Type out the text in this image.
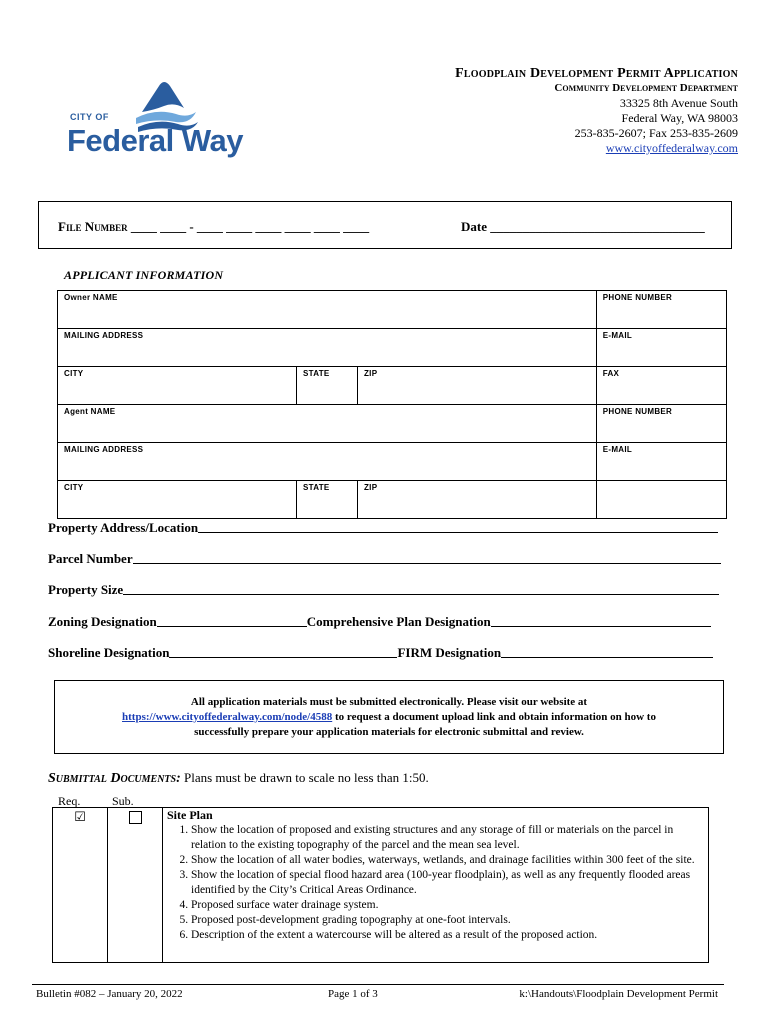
CITY OF
Federal Way
Floodplain Development Permit Application
Community Development Department
33325 8th Avenue South
Federal Way, WA 98003
253-835-2607; Fax 253-835-2609
www.cityoffederalway.com
File Number ____ ____ - ____ ____ ____ ____ ____ ____	Date _________________________________
APPLICANT INFORMATION
Owner NAME			PHONE NUMBER
MAILING ADDRESS			E-MAIL
CITY	STATE	ZIP	FAX
Agent NAME			PHONE NUMBER
MAILING ADDRESS			E-MAIL
CITY	STATE	ZIP	
Property Address/Location
Parcel Number
Property Size
Zoning Designation	Comprehensive Plan Designation
Shoreline Designation	FIRM Designation
All application materials must be submitted electronically. Please visit our website at
https://www.cityoffederalway.com/node/4588 to request a document upload link and obtain information on how to
successfully prepare your application materials for electronic submittal and review.
Submittal Documents: Plans must be drawn to scale no less than 1:50.
Req.	Sub.
☑		Site Plan
1. Show the location of proposed and existing structures and any storage of fill or materials on the parcel in relation to the existing topography of the parcel and the mean sea level.
2. Show the location of all water bodies, waterways, wetlands, and drainage facilities within 300 feet of the site.
3. Show the location of special flood hazard area (100-year floodplain), as well as any frequently flooded areas identified by the City’s Critical Areas Ordinance.
4. Proposed surface water drainage system.
5. Proposed post-development grading topography at one-foot intervals.
6. Description of the extent a watercourse will be altered as a result of the proposed action.
Bulletin #082 – January 20, 2022	Page 1 of 3	k:\Handouts\Floodplain Development Permit
